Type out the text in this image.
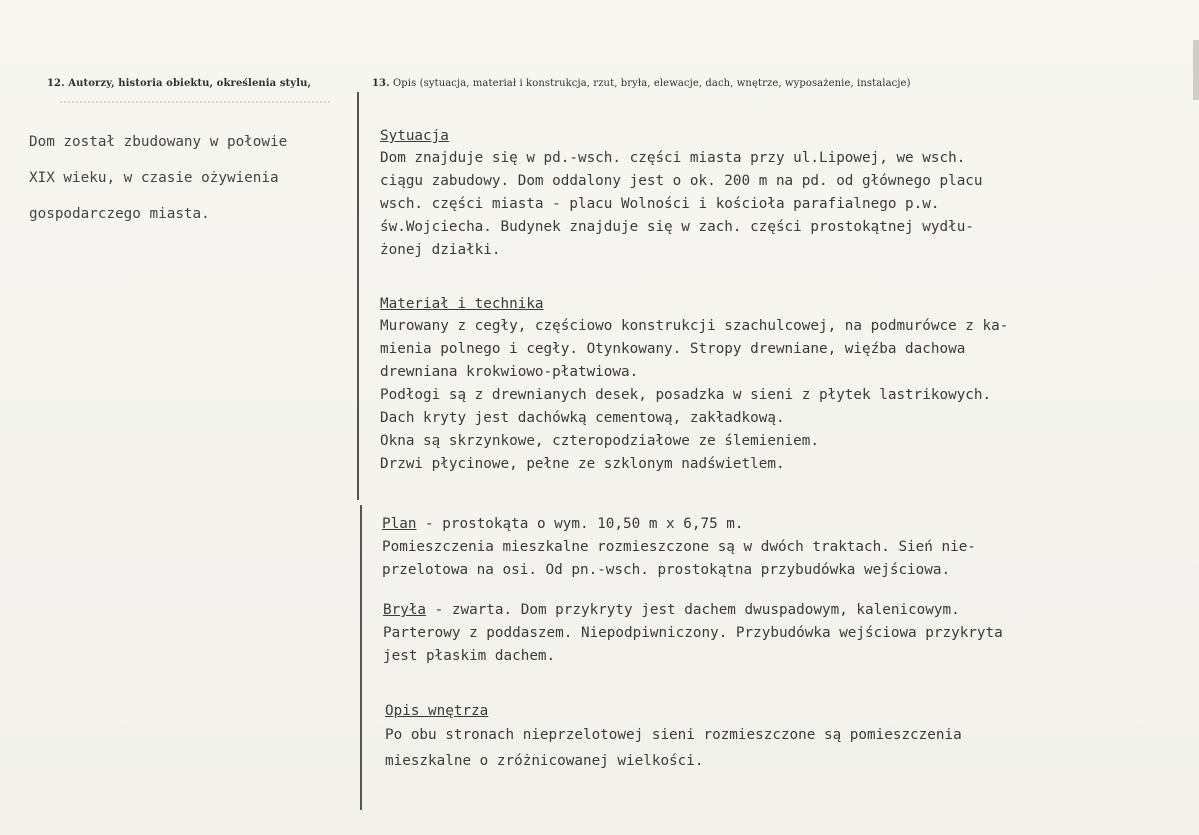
12. Autorzy, historia obiektu, określenia stylu,	13. Opis (sytuacja, materiał i konstrukcja, rzut, bryła, elewacje, dach, wnętrze, wyposażenie, instalacje)
Dom został zbudowany w połowie
XIX wieku, w czasie ożywienia
gospodarczego miasta.
Sytuacja
Dom znajduje się w pd.-wsch. części miasta przy ul.Lipowej, we wsch.
ciągu zabudowy. Dom oddalony jest o ok. 200 m na pd. od głównego placu
wsch. części miasta - placu Wolności i kościoła parafialnego p.w.
św.Wojciecha. Budynek znajduje się w zach. części prostokątnej wydłu-
żonej działki.
Materiał i technika
Murowany z cegły, częściowo konstrukcji szachulcowej, na podmurówce z ka-
mienia polnego i cegły. Otynkowany. Stropy drewniane, więźba dachowa
drewniana krokwiowo-płatwiowa.
Podłogi są z drewnianych desek, posadzka w sieni z płytek lastrikowych.
Dach kryty jest dachówką cementową, zakładkową.
Okna są skrzynkowe, czteropodziałowe ze ślemieniem.
Drzwi płycinowe, pełne ze szklonym nadświetlem.
Plan - prostokąta o wym. 10,50 m x 6,75 m.
Pomieszczenia mieszkalne rozmieszczone są w dwóch traktach. Sień nie-
przelotowa na osi. Od pn.-wsch. prostokątna przybudówka wejściowa.
Bryła - zwarta. Dom przykryty jest dachem dwuspadowym, kalenicowym.
Parterowy z poddaszem. Niepodpiwniczony. Przybudówka wejściowa przykryta
jest płaskim dachem.
Opis wnętrza
Po obu stronach nieprzelotowej sieni rozmieszczone są pomieszczenia
mieszkalne o zróżnicowanej wielkości.
